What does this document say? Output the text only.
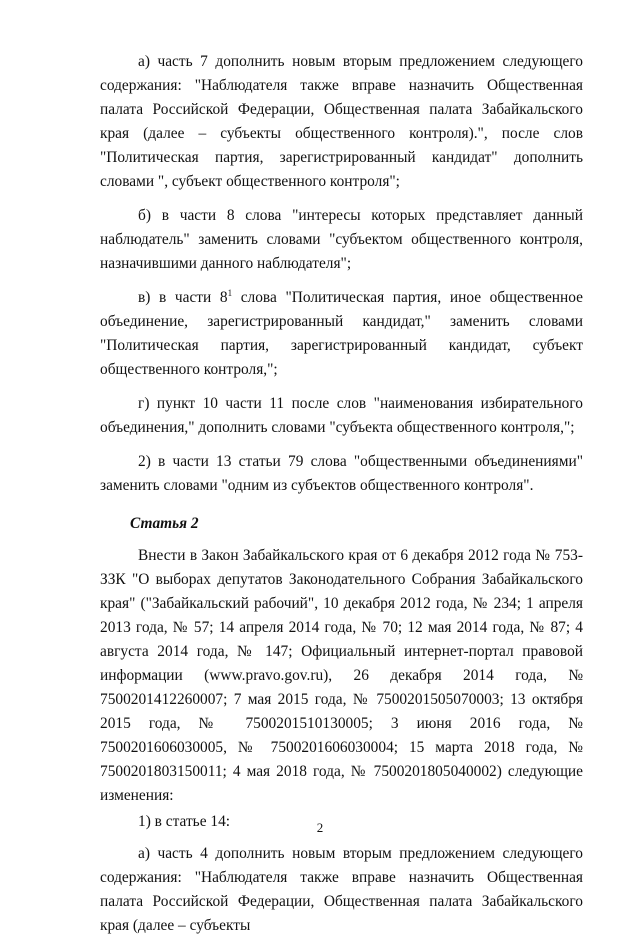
а) часть 7 дополнить новым вторым предложением следующего содержания: "Наблюдателя также вправе назначить Общественная палата Российской Федерации, Общественная палата Забайкальского края (далее – субъекты общественного контроля).", после слов "Политическая партия, зарегистрированный кандидат" дополнить словами ", субъект общественного контроля";

б) в части 8 слова "интересы которых представляет данный наблюдатель" заменить словами "субъектом общественного контроля, назначившими данного наблюдателя";

в) в части $8^1$ слова "Политическая партия, иное общественное объединение, зарегистрированный кандидат," заменить словами "Политическая партия, зарегистрированный кандидат, субъект общественного контроля,";

г) пункт 10 части 11 после слов "наименования избирательного объединения," дополнить словами "субъекта общественного контроля,";

2) в части 13 статьи 79 слова "общественными объединениями" заменить словами "одним из субъектов общественного контроля".

Статья 2

Внести в Закон Забайкальского края от 6 декабря 2012 года № 753-ЗЗК "О выборах депутатов Законодательного Собрания Забайкальского края" ("Забайкальский рабочий", 10 декабря 2012 года, № 234; 1 апреля 2013 года, № 57; 14 апреля 2014 года, № 70; 12 мая 2014 года, № 87; 4 августа 2014 года, № 147; Официальный интернет-портал правовой информации (www.pravo.gov.ru), 26 декабря 2014 года, № 7500201412260007; 7 мая 2015 года, № 7500201505070003; 13 октября 2015 года, № 7500201510130005; 3 июня 2016 года, № 7500201606030005, № 7500201606030004; 15 марта 2018 года, № 7500201803150011; 4 мая 2018 года, № 7500201805040002) следующие изменения:

1) в статье 14:

а) часть 4 дополнить новым вторым предложением следующего содержания: "Наблюдателя также вправе назначить Общественная палата Российской Федерации, Общественная палата Забайкальского края (далее – субъекты

2
